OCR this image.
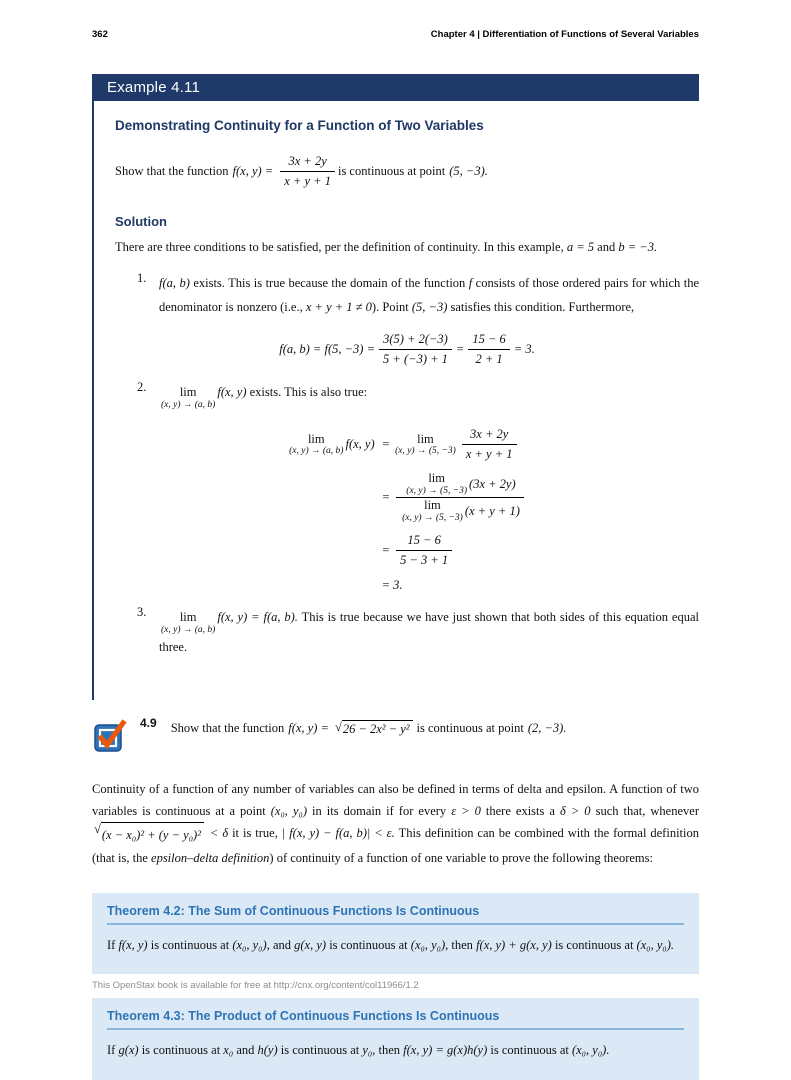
362	Chapter 4 | Differentiation of Functions of Several Variables
Example 4.11
Demonstrating Continuity for a Function of Two Variables
Show that the function f(x, $y) = \frac{3x + 2y}{x + y + 1}$ is continuous at point (5, −3).
Solution
There are three conditions to be satisfied, per the definition of continuity. In this example, a = 5 and b = −3.
1.	f(a, b) exists. This is true because the domain of the function f consists of those ordered pairs for which the denominator is nonzero (i.e., x + y + 1 ≠ 0). Point (5, −3) satisfies this condition. Furthermore,
f(a, b) = f(5, $-3) = \frac{3(5) + 2(-3)}{5 + (-3) + 1} = \frac{15 - 6}{2 + 1} = 3$.
2.	lim
(x, y) → (a, b)
f(x, y) exists. This is also true:
lim
(x, y) → (a, b)
f(x, y) = lim
(x, y) → (5, $-3) \frac{3x + 2y}{x + y + 1}$
= lim
(x, y) → (5, −3)
(3x + 2y)
lim
(x, y) → (5, −3)
(x + y + 1)
= $\frac{15 - 6}{5 - 3 + 1}$
= 3.
3.	lim
(x, y) → (a, b)
f(x, y) = f(a, b). This is true because we have just shown that both sides of this equation equal three.
4.9 Show that the function f(x, y) = √ 26 − 2x² − y² is continuous at point (2, −3).
Continuity of a function of any number of variables can also be defined in terms of delta and epsilon. A function of two variables is continuous at a point (x₀, y₀) in its domain if for every ε > 0 there exists a δ > 0 such that, whenever
√ (x − x₀)² + (y − y₀)² < δ it is true, | f(x, y) − f(a, b)| < ε. This definition can be combined with the formal definition (that is, the epsilon–delta definition) of continuity of a function of one variable to prove the following theorems:
Theorem 4.2: The Sum of Continuous Functions Is Continuous
If f(x, y) is continuous at (x₀, y₀), and g(x, y) is continuous at (x₀, y₀), then f(x, y) + g(x, y) is continuous at (x₀, y₀).
Theorem 4.3: The Product of Continuous Functions Is Continuous
If g(x) is continuous at x₀ and h(y) is continuous at y₀, then f(x, y) = g(x)h(y) is continuous at (x₀, y₀).
This OpenStax book is available for free at http://cnx.org/content/col11966/1.2
